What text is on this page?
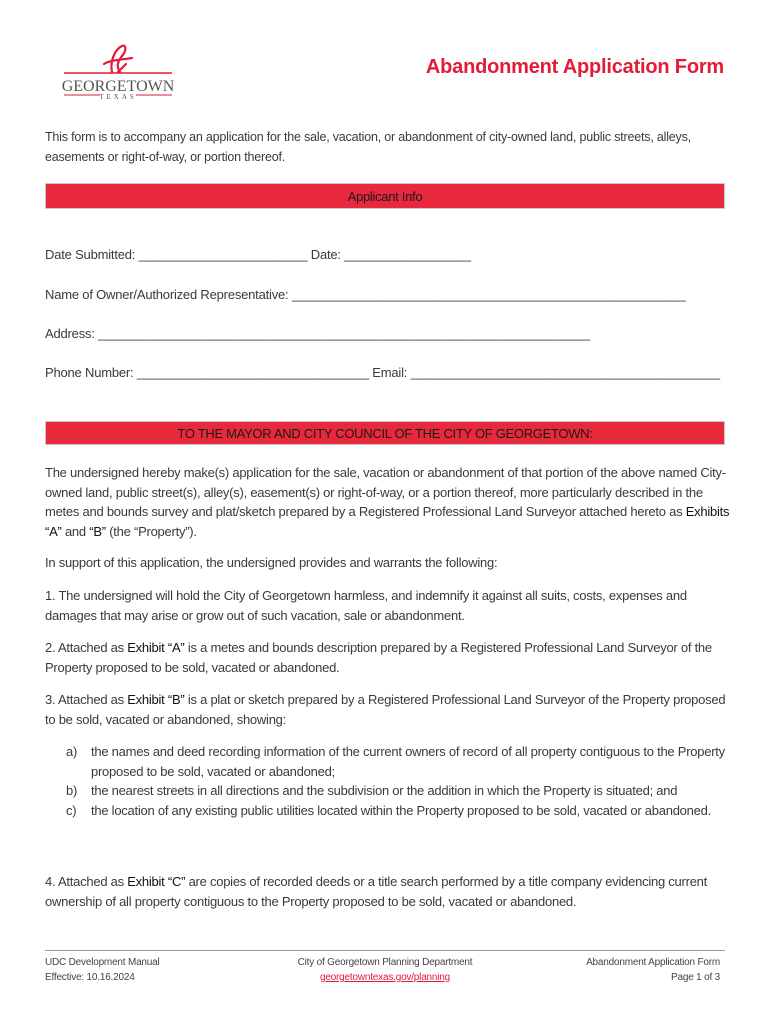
GEORGETOWN
TEXAS
Abandonment Application Form
This form is to accompany an application for the sale, vacation, or abandonment of city-owned land, public streets, alleys, easements or right-of-way, or portion thereof.
Applicant Info
Date Submitted: ________________________ Date: __________________
Name of Owner/Authorized Representative: ________________________________________________________
Address: ______________________________________________________________________
Phone Number: _________________________________ Email: ____________________________________________
TO THE MAYOR AND CITY COUNCIL OF THE CITY OF GEORGETOWN:
The undersigned hereby make(s) application for the sale, vacation or abandonment of that portion of the above named City-owned land, public street(s), alley(s), easement(s) or right-of-way, or a portion thereof, more particularly described in the metes and bounds survey and plat/sketch prepared by a Registered Professional Land Surveyor attached hereto as Exhibits “A” and “B” (the “Property”).
In support of this application, the undersigned provides and warrants the following:
1. The undersigned will hold the City of Georgetown harmless, and indemnify it against all suits, costs, expenses and damages that may arise or grow out of such vacation, sale or abandonment.
2. Attached as Exhibit “A” is a metes and bounds description prepared by a Registered Professional Land Surveyor of the Property proposed to be sold, vacated or abandoned.
3. Attached as Exhibit “B” is a plat or sketch prepared by a Registered Professional Land Surveyor of the Property proposed to be sold, vacated or abandoned, showing:
a) the names and deed recording information of the current owners of record of all property contiguous to the Property proposed to be sold, vacated or abandoned;
b) the nearest streets in all directions and the subdivision or the addition in which the Property is situated; and
c) the location of any existing public utilities located within the Property proposed to be sold, vacated or abandoned.
4. Attached as Exhibit “C” are copies of recorded deeds or a title search performed by a title company evidencing current ownership of all property contiguous to the Property proposed to be sold, vacated or abandoned.
UDC Development Manual
Effective: 10.16.2024
City of Georgetown Planning Department
georgetowntexas.gov/planning
Abandonment Application Form
Page 1 of 3
